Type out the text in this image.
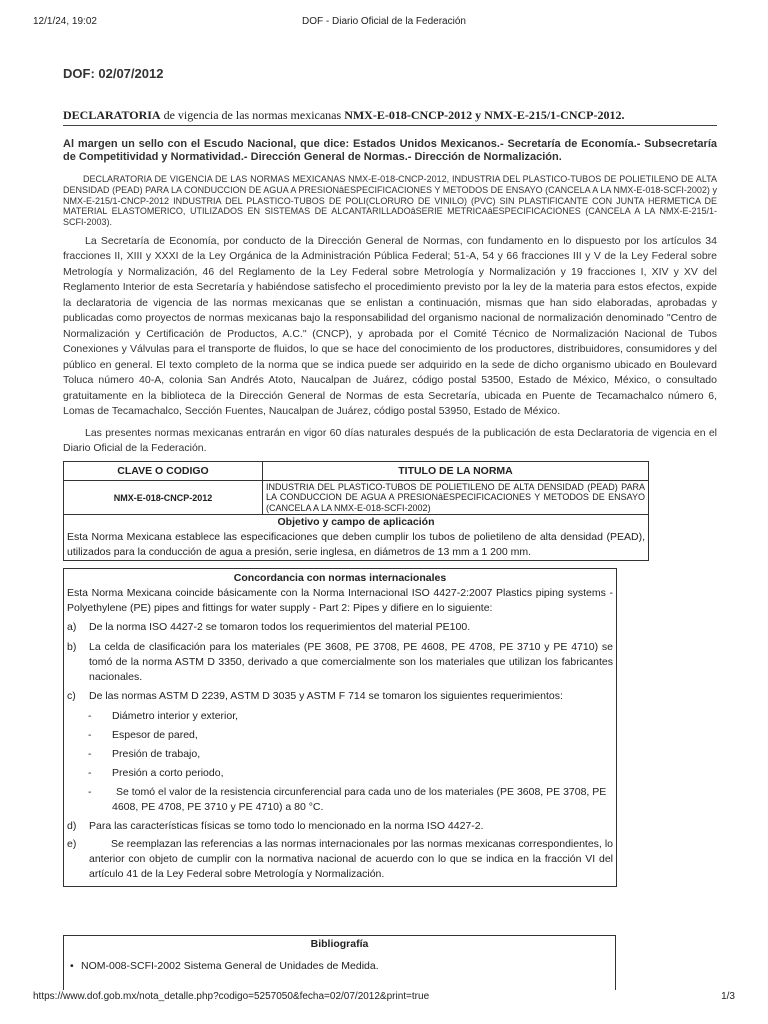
12/1/24, 19:02	DOF - Diario Oficial de la Federación
DOF: 02/07/2012
DECLARATORIA de vigencia de las normas mexicanas NMX-E-018-CNCP-2012 y NMX-E-215/1-CNCP-2012.
Al margen un sello con el Escudo Nacional, que dice: Estados Unidos Mexicanos.- Secretaría de Economía.- Subsecretaría de Competitividad y Normatividad.- Dirección General de Normas.- Dirección de Normalización.
DECLARATORIA DE VIGENCIA DE LAS NORMAS MEXICANAS NMX-E-018-CNCP-2012, INDUSTRIA DEL PLASTICO-TUBOS DE POLIETILENO DE ALTA DENSIDAD (PEAD) PARA LA CONDUCCION DE AGUA A PRESIONâESPECIFICACIONES Y METODOS DE ENSAYO (CANCELA A LA NMX-E-018-SCFI-2002) y NMX-E-215/1-CNCP-2012 INDUSTRIA DEL PLASTICO-TUBOS DE POLI(CLORURO DE VINILO) (PVC) SIN PLASTIFICANTE CON JUNTA HERMETICA DE MATERIAL ELASTOMERICO, UTILIZADOS EN SISTEMAS DE ALCANTARILLADOâSERIE METRICAâESPECIFICACIONES (CANCELA A LA NMX-E-215/1-SCFI-2003).
La Secretaría de Economía, por conducto de la Dirección General de Normas, con fundamento en lo dispuesto por los artículos 34 fracciones II, XIII y XXXI de la Ley Orgánica de la Administración Pública Federal; 51-A, 54 y 66 fracciones III y V de la Ley Federal sobre Metrología y Normalización, 46 del Reglamento de la Ley Federal sobre Metrología y Normalización y 19 fracciones I, XIV y XV del Reglamento Interior de esta Secretaría y habiéndose satisfecho el procedimiento previsto por la ley de la materia para estos efectos, expide la declaratoria de vigencia de las normas mexicanas que se enlistan a continuación, mismas que han sido elaboradas, aprobadas y publicadas como proyectos de normas mexicanas bajo la responsabilidad del organismo nacional de normalización denominado "Centro de Normalización y Certificación de Productos, A.C." (CNCP), y aprobada por el Comité Técnico de Normalización Nacional de Tubos Conexiones y Válvulas para el transporte de fluidos, lo que se hace del conocimiento de los productores, distribuidores, consumidores y del público en general. El texto completo de la norma que se indica puede ser adquirido en la sede de dicho organismo ubicado en Boulevard Toluca número 40-A, colonia San Andrés Atoto, Naucalpan de Juárez, código postal 53500, Estado de México, México, o consultado gratuitamente en la biblioteca de la Dirección General de Normas de esta Secretaría, ubicada en Puente de Tecamachalco número 6, Lomas de Tecamachalco, Sección Fuentes, Naucalpan de Juárez, código postal 53950, Estado de México.
Las presentes normas mexicanas entrarán en vigor 60 días naturales después de la publicación de esta Declaratoria de vigencia en el Diario Oficial de la Federación.
CLAVE O CODIGO	TITULO DE LA NORMA
NMX-E-018-CNCP-2012	INDUSTRIA DEL PLASTICO-TUBOS DE POLIETILENO DE ALTA DENSIDAD (PEAD) PARA LA CONDUCCION DE AGUA A PRESIONâESPECIFICACIONES Y METODOS DE ENSAYO (CANCELA A LA NMX-E-018-SCFI-2002)

Objetivo y campo de aplicación
Esta Norma Mexicana establece las especificaciones que deben cumplir los tubos de polietileno de alta densidad (PEAD), utilizados para la conducción de agua a presión, serie inglesa, en diámetros de 13 mm a 1 200 mm.	
Concordancia con normas internacionales
Esta Norma Mexicana coincide básicamente con la Norma Internacional ISO 4427-2:2007 Plastics piping systems - Polyethylene (PE) pipes and fittings for water supply - Part 2: Pipes y difiere en lo siguiente:
a)	De la norma ISO 4427-2 se tomaron todos los requerimientos del material PE100.
b)	La celda de clasificación para los materiales (PE 3608, PE 3708, PE 4608, PE 4708, PE 3710 y PE 4710) se tomó de la norma ASTM D 3350, derivado a que comercialmente son los materiales que utilizan los fabricantes nacionales.
c)	De las normas ASTM D 2239, ASTM D 3035 y ASTM F 714 se tomaron los siguientes requerimientos:
-	Diámetro interior y exterior,
-	Espesor de pared,
-	Presión de trabajo,
-	Presión a corto periodo,
-	Se tomó el valor de la resistencia circunferencial para cada uno de los materiales (PE 3608, PE 3708, PE 4608, PE 4708, PE 3710 y PE 4710) a 80 °C.
d)	Para las características físicas se tomo todo lo mencionado en la norma ISO 4427-2.
e)	Se reemplazan las referencias a las normas internacionales por las normas mexicanas correspondientes, lo anterior con objeto de cumplir con la normativa nacional de acuerdo con lo que se indica en la fracción VI del artículo 41 de la Ley Federal sobre Metrología y Normalización.
Bibliografía
• NOM-008-SCFI-2002 Sistema General de Unidades de Medida.
https://www.dof.gob.mx/nota_detalle.php?codigo=5257050&fecha=02/07/2012&print=true	1/3
